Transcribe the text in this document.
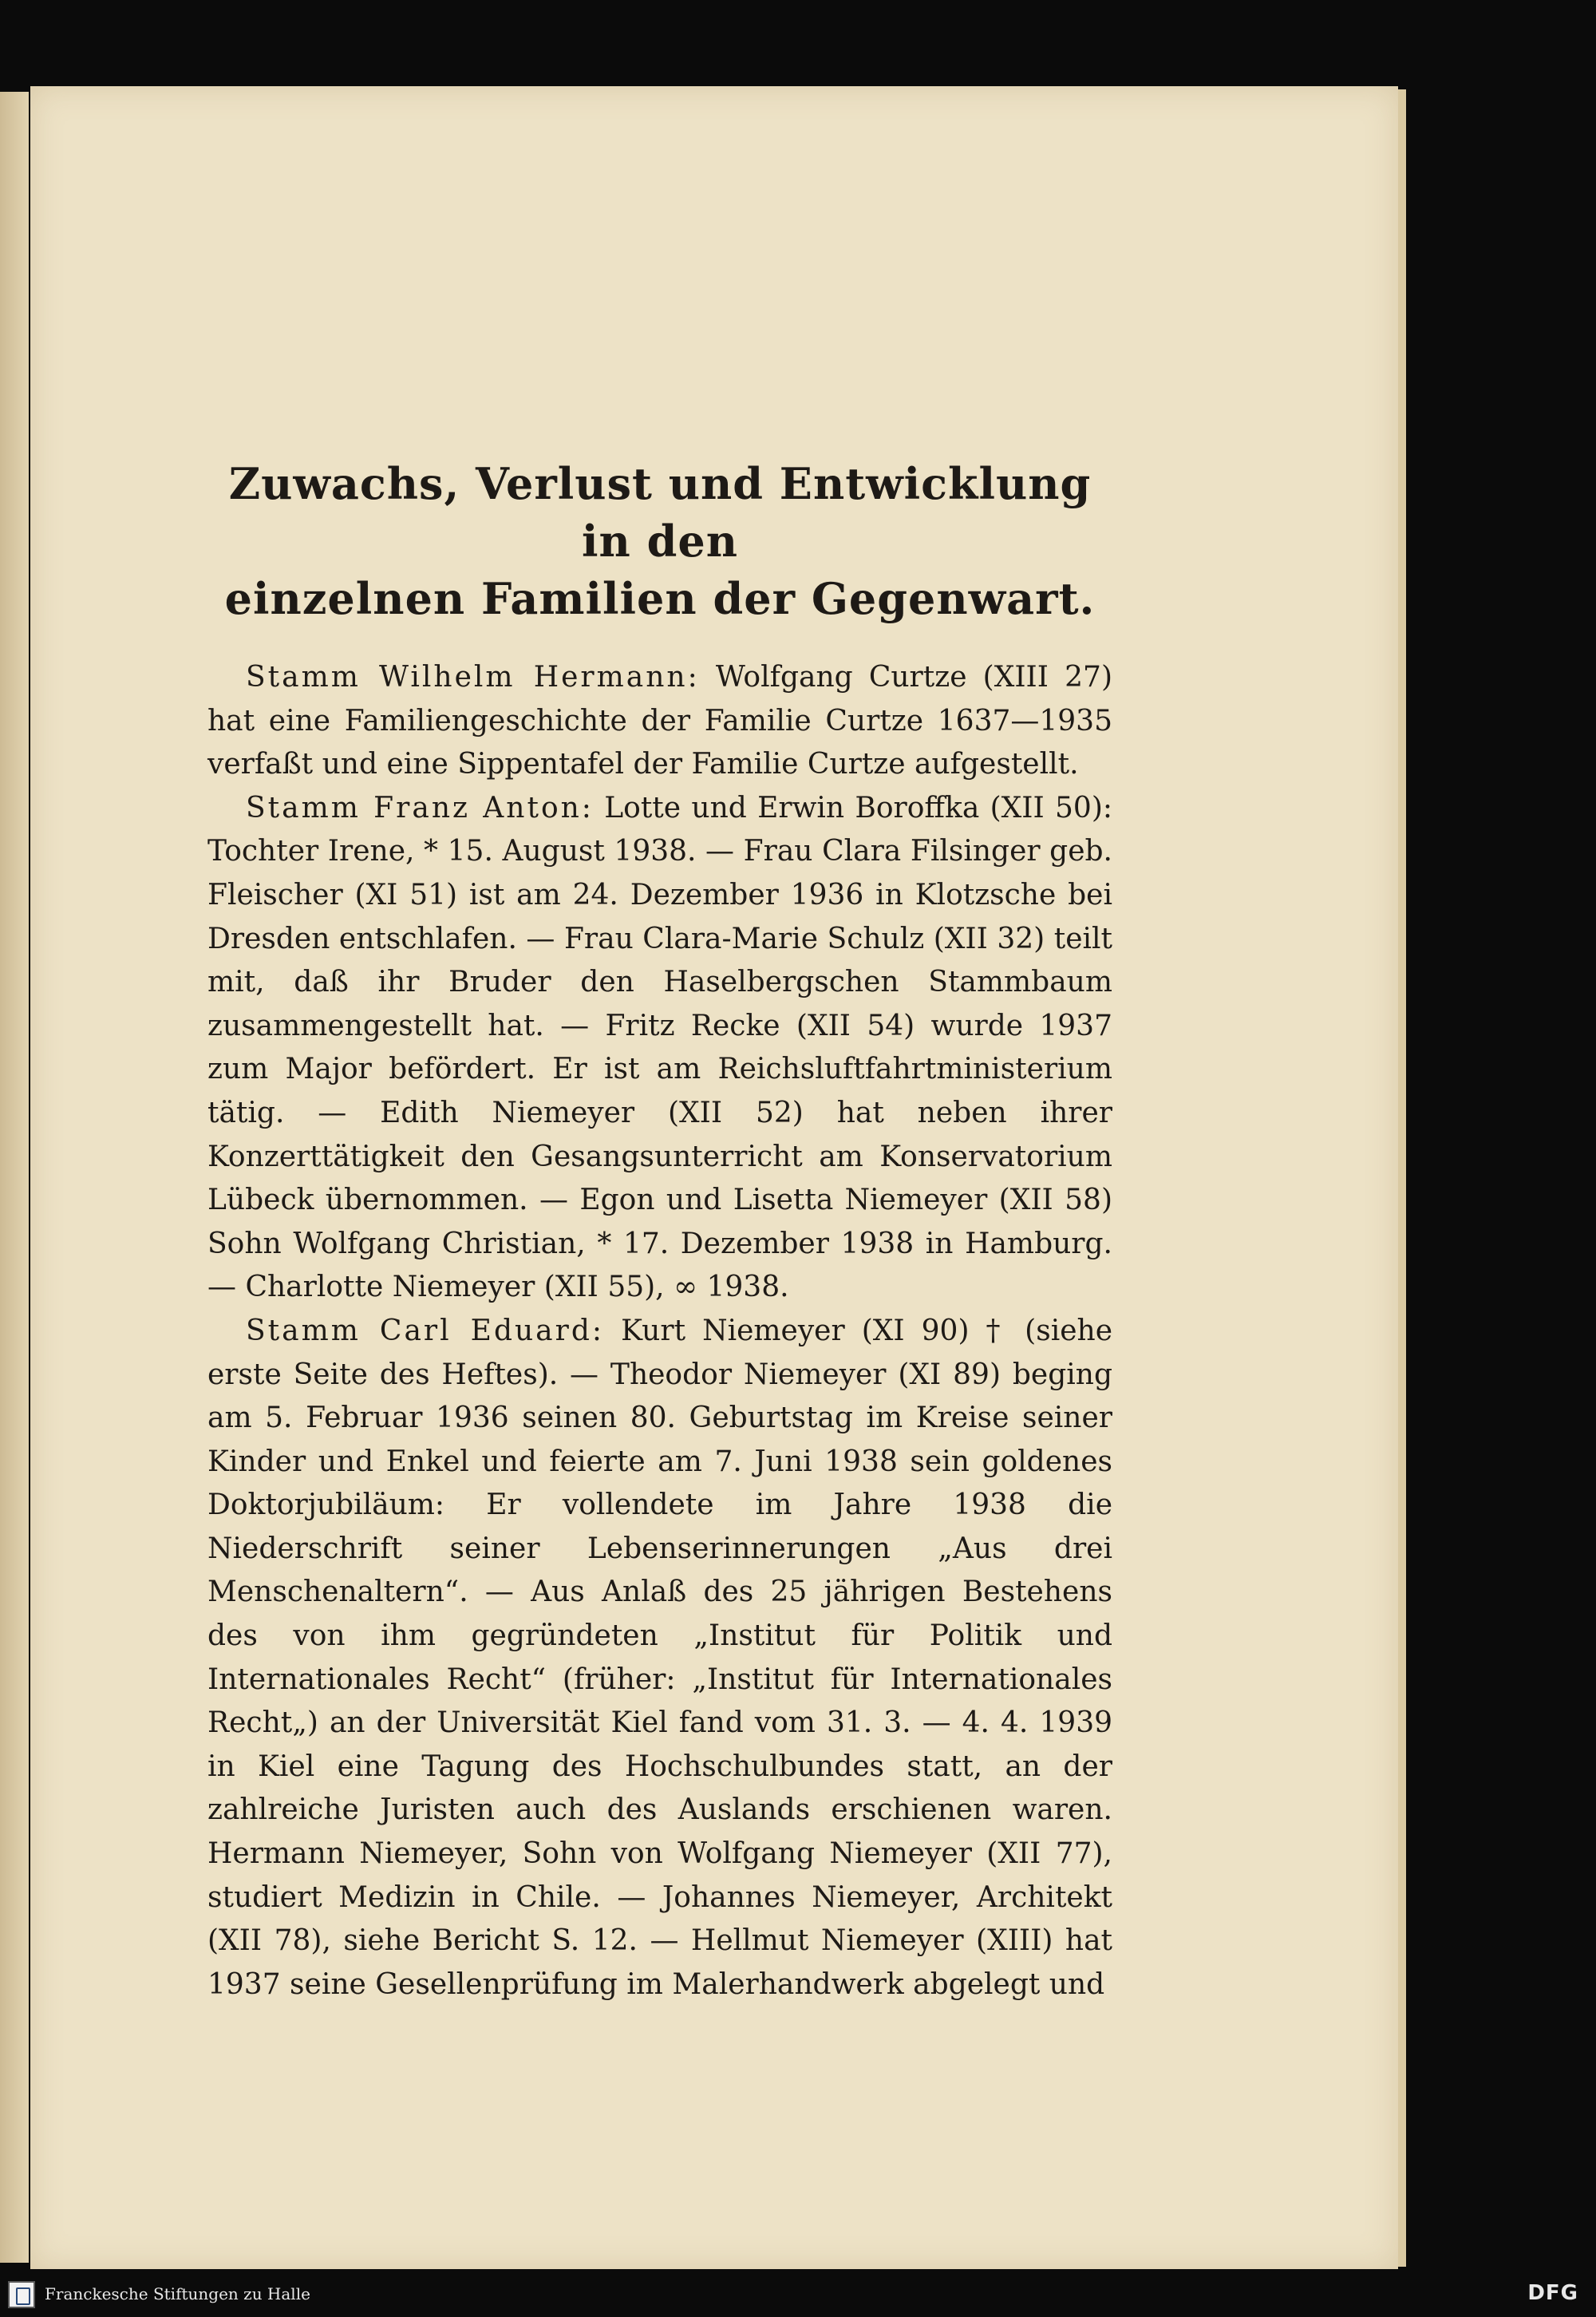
Zuwachs, Verlust und Entwicklung in den
einzelnen Familien der Gegenwart.

Stamm Wilhelm Hermann: Wolfgang Curtze (XIII 27) hat eine Familiengeschichte der Familie Curtze 1637—1935 verfaßt und eine Sippentafel der Familie Curtze aufgestellt.

Stamm Franz Anton: Lotte und Erwin Boroffka (XII 50): Tochter Irene, * 15. August 1938. — Frau Clara Filsinger geb. Fleischer (XI 51) ist am 24. Dezember 1936 in Klotzsche bei Dresden entschlafen. — Frau Clara-Marie Schulz (XII 32) teilt mit, daß ihr Bruder den Haselbergschen Stammbaum zusammengestellt hat. — Fritz Recke (XII 54) wurde 1937 zum Major befördert. Er ist am Reichsluftfahrtministerium tätig. — Edith Niemeyer (XII 52) hat neben ihrer Konzerttätigkeit den Gesangsunterricht am Konservatorium Lübeck übernommen. — Egon und Lisetta Niemeyer (XII 58) Sohn Wolfgang Christian, * 17. Dezember 1938 in Hamburg. — Charlotte Niemeyer (XII 55), ∞ 1938.

Stamm Carl Eduard: Kurt Niemeyer (XI 90) † (siehe erste Seite des Heftes). — Theodor Niemeyer (XI 89) beging am 5. Februar 1936 seinen 80. Geburtstag im Kreise seiner Kinder und Enkel und feierte am 7. Juni 1938 sein goldenes Doktorjubiläum: Er vollendete im Jahre 1938 die Niederschrift seiner Lebenserinnerungen „Aus drei Menschenaltern“. — Aus Anlaß des 25 jährigen Bestehens des von ihm gegründeten „Institut für Politik und Internationales Recht“ (früher: „Institut für Internationales Recht„) an der Universität Kiel fand vom 31. 3. — 4. 4. 1939 in Kiel eine Tagung des Hochschulbundes statt, an der zahlreiche Juristen auch des Auslands erschienen waren. Hermann Niemeyer, Sohn von Wolfgang Niemeyer (XII 77), studiert Medizin in Chile. — Johannes Niemeyer, Architekt (XII 78), siehe Bericht S. 12. — Hellmut Niemeyer (XIII) hat 1937 seine Gesellenprüfung im Malerhandwerk abgelegt und

Franckesche Stiftungen zu Halle	DFG
